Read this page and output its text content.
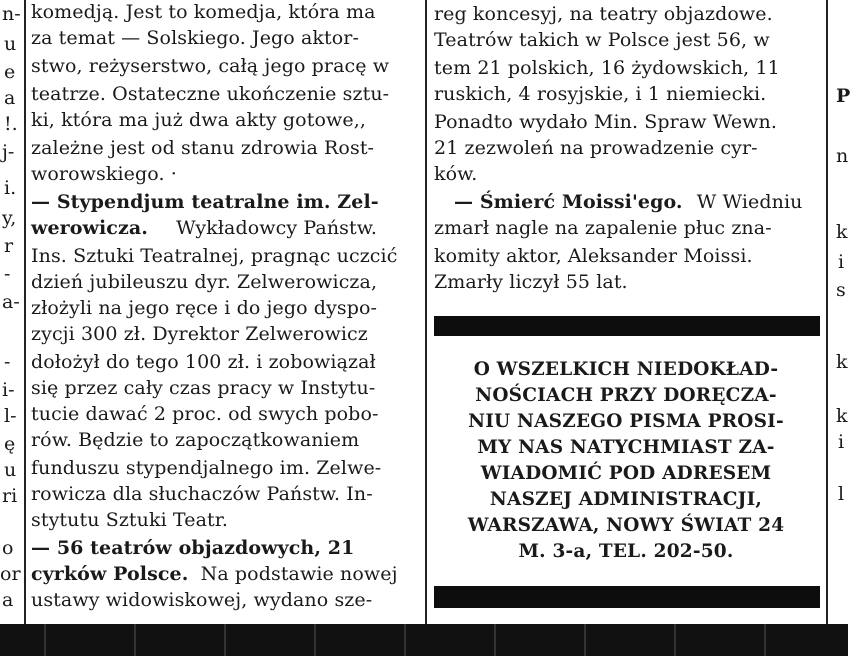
n-
u
e
a
!.
j-
i.
y,
r
-
a-
-
i-
l-
ę
u
ri
o
or
a
komedją. Jest to komedja, która ma
za temat — Solskiego. Jego aktor-
stwo, reżyserstwo, całą jego pracę w
teatrze. Ostateczne ukończenie sztu-
ki, która ma już dwa akty gotowe,,
zależne jest od stanu zdrowia Rost-
worowskiego. ·
— Stypendjum teatralne im. Zel-
werowicza. Wykładowcy Państw.
Ins. Sztuki Teatralnej, pragnąc uczcić
dzień jubileuszu dyr. Zelwerowicza,
złożyli na jego ręce i do jego dyspo-
zycji 300 zł. Dyrektor Zelwerowicz
dołożył do tego 100 zł. i zobowiązał
się przez cały czas pracy w Instytu-
tucie dawać 2 proc. od swych pobo-
rów. Będzie to zapoczątkowaniem
funduszu stypendjalnego im. Zelwe-
rowicza dla słuchaczów Państw. In-
stytutu Sztuki Teatr.
— 56 teatrów objazdowych, 21
cyrków Polsce. Na podstawie nowej
ustawy widowiskowej, wydano sze-
reg koncesyj, na teatry objazdowe.
Teatrów takich w Polsce jest 56, w
tem 21 polskich, 16 żydowskich, 11
ruskich, 4 rosyjskie, i 1 niemiecki.
Ponadto wydało Min. Spraw Wewn.
21 zezwoleń na prowadzenie cyr-
ków.
— Śmierć Moissi'ego. W Wiedniu
zmarł nagle na zapalenie płuc zna-
komity aktor, Aleksander Moissi.
Zmarły liczył 55 lat.
O WSZELKICH NIEDOKŁAD-
NOŚCIACH PRZY DORĘCZA-
NIU NASZEGO PISMA PROSI-
MY NAS NATYCHMIAST ZA-
WIADOMIĆ POD ADRESEM
NASZEJ ADMINISTRACJI,
WARSZAWA, NOWY ŚWIAT 24
M. 3-a, TEL. 202-50.
P
n
k
i
s
k
k
i
l
